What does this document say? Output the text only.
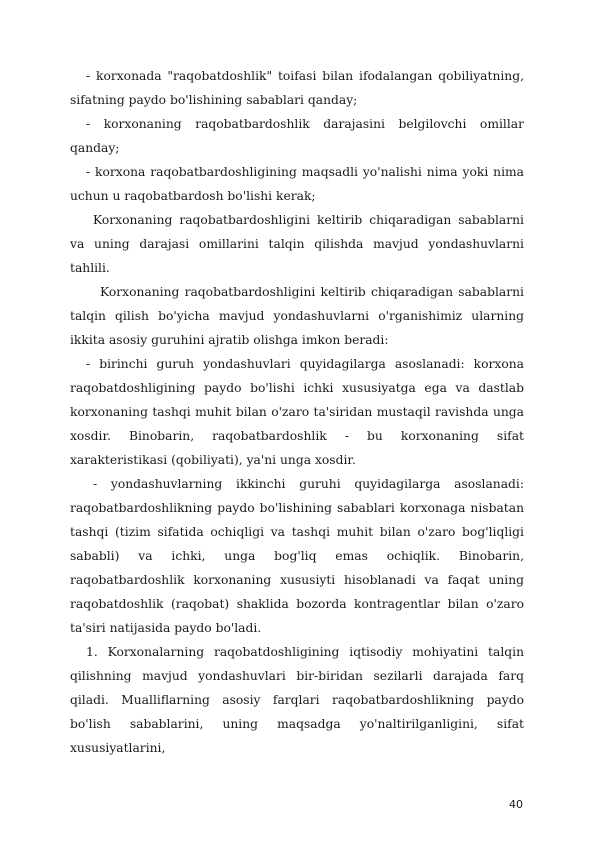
- korxonada "raqobatdoshlik" toifasi bilan ifodalangan qobiliyatning, sifatning paydo bo'lishining sabablari qanday;

- korxonaning raqobatbardoshlik darajasini belgilovchi omillar qanday;

- korxona raqobatbardoshligining maqsadli yo'nalishi nima yoki nima uchun u raqobatbardosh bo'lishi kerak;

Korxonaning raqobatbardoshligini keltirib chiqaradigan sabablarni va uning darajasi omillarini talqin qilishda mavjud yondashuvlarni tahlili.

Korxonaning raqobatbardoshligini keltirib chiqaradigan sabablarni talqin qilish bo'yicha mavjud yondashuvlarni o'rganishimiz ularning ikkita asosiy guruhini ajratib olishga imkon beradi:

- birinchi guruh yondashuvlari quyidagilarga asoslanadi: korxona raqobatdoshligining paydo bo'lishi ichki xususiyatga ega va dastlab korxonaning tashqi muhit bilan o'zaro ta'siridan mustaqil ravishda unga xosdir. Binobarin, raqobatbardoshlik - bu korxonaning sifat xarakteristikasi (qobiliyati), ya'ni unga xosdir.

- yondashuvlarning ikkinchi guruhi quyidagilarga asoslanadi: raqobatbardoshlikning paydo bo'lishining sabablari korxonaga nisbatan tashqi (tizim sifatida ochiqligi va tashqi muhit bilan o'zaro bog'liqligi sababli) va ichki, unga bog'liq emas ochiqlik. Binobarin, raqobatbardoshlik korxonaning xususiyti hisoblanadi va faqat uning raqobatdoshlik (raqobat) shaklida bozorda kontragentlar bilan o'zaro ta'siri natijasida paydo bo'ladi.

1. Korxonalarning raqobatdoshligining iqtisodiy mohiyatini talqin qilishning mavjud yondashuvlari bir-biridan sezilarli darajada farq qiladi. Mualliflarning asosiy farqlari raqobatbardoshlikning paydo bo'lish sabablarini, uning maqsadga yo'naltirilganligini, sifat xususiyatlarini,

40
